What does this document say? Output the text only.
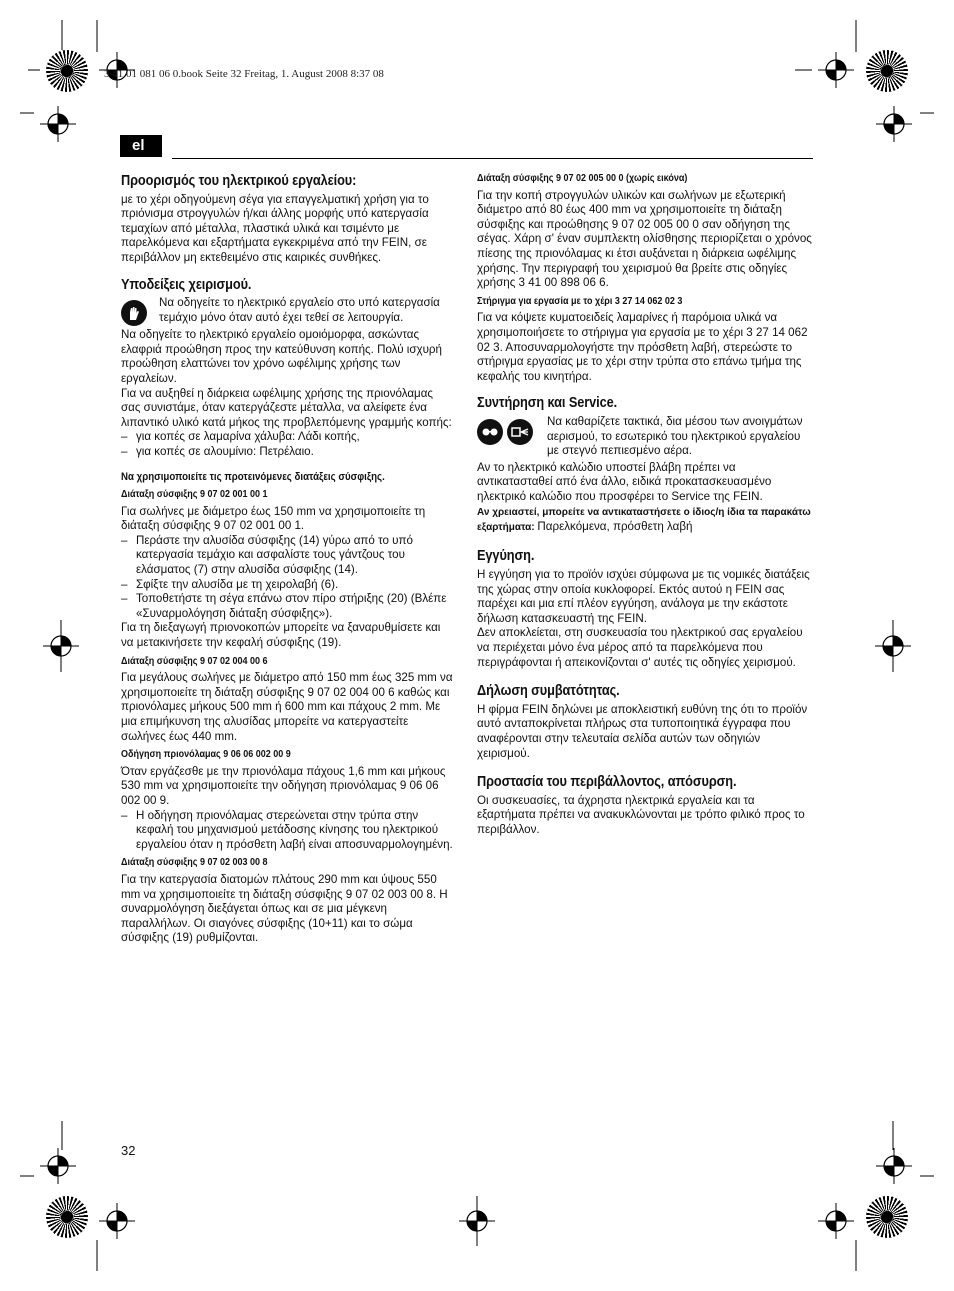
3 41 01 081 06 0.book Seite 32 Freitag, 1. August 2008 8:37 08
el
Προορισμός του ηλεκτρικού εργαλείου:

με το χέρι οδηγούμενη σέγα για επαγγελματική χρήση για το πριόνισμα στρογγυλών ή/και άλλης μορφής υπό κατεργασία τεμαχίων από μέταλλα, πλαστικά υλικά και τσιμέντο με παρελκόμενα και εξαρτήματα εγκεκριμένα από την FEIN, σε περιβάλλον μη εκτεθειμένο στις καιρικές συνθήκες.

Υποδείξεις χειρισμού.

Να οδηγείτε το ηλεκτρικό εργαλείο στο υπό κατεργασία τεμάχιο μόνο όταν αυτό έχει τεθεί σε λειτουργία.

Να οδηγείτε το ηλεκτρικό εργαλείο ομοιόμορφα, ασκώντας ελαφριά προώθηση προς την κατεύθυνση κοπής. Πολύ ισχυρή προώθηση ελαττώνει τον χρόνο ωφέλιμης χρήσης των εργαλείων.

Για να αυξηθεί η διάρκεια ωφέλιμης χρήσης της πριονόλαμας σας συνιστάμε, όταν κατεργάζεστε μέταλλα, να αλείφετε ένα λιπαντικό υλικό κατά μήκος της προβλεπόμενης γραμμής κοπής:

– για κοπές σε λαμαρίνα χάλυβα: Λάδι κοπής,
– για κοπές σε αλουμίνιο: Πετρέλαιο.
Να χρησιμοποιείτε τις προτεινόμενες διατάξεις σύσφιξης.
Διάταξη σύσφιξης 9 07 02 001 00 1

Για σωλήνες με διάμετρο έως 150 mm να χρησιμοποιείτε τη διάταξη σύσφιξης 9 07 02 001 00 1.

– Περάστε την αλυσίδα σύσφιξης (14) γύρω από το υπό κατεργασία τεμάχιο και ασφαλίστε τους γάντζους του ελάσματος (7) στην αλυσίδα σύσφιξης (14).
– Σφίξτε την αλυσίδα με τη χειρολαβή (6).
– Τοποθετήστε τη σέγα επάνω στον πίρο στήριξης (20) (Βλέπε «Συναρμολόγηση διάταξη σύσφιξης»).

Για τη διεξαγωγή πριονοκοπών μπορείτε να ξαναρυθμίσετε και να μετακινήσετε την κεφαλή σύσφιξης (19).

Διάταξη σύσφιξης 9 07 02 004 00 6

Για μεγάλους σωλήνες με διάμετρο από 150 mm έως 325 mm να χρησιμοποιείτε τη διάταξη σύσφιξης 9 07 02 004 00 6 καθώς και πριονόλαμες μήκους 500 mm ή 600 mm και πάχους 2 mm. Με μια επιμήκυνση της αλυσίδας μπορείτε να κατεργαστείτε σωλήνες έως 440 mm.

Οδήγηση πριονόλαμας 9 06 06 002 00 9

Όταν εργάζεσθε με την πριονόλαμα πάχους 1,6 mm και μήκους 530 mm να χρησιμοποιείτε την οδήγηση πριονόλαμας 9 06 06 002 00 9.

– Η οδήγηση πριονόλαμας στερεώνεται στην τρύπα στην κεφαλή του μηχανισμού μετάδοσης κίνησης του ηλεκτρικού εργαλείου όταν η πρόσθετη λαβή είναι αποσυναρμολογημένη.
Διάταξη σύσφιξης 9 07 02 003 00 8

Για την κατεργασία διατομών πλάτους 290 mm και ύψους 550 mm να χρησιμοποιείτε τη διάταξη σύσφιξης 9 07 02 003 00 8. Η συναρμολόγηση διεξάγεται όπως και σε μια μέγκενη παραλλήλων. Οι σιαγόνες σύσφιξης (10+11) και το σώμα σύσφιξης (19) ρυθμίζονται.

Διάταξη σύσφιξης 9 07 02 005 00 0 (χωρίς εικόνα)

Για την κοπή στρογγυλών υλικών και σωλήνων με εξωτερική διάμετρο από 80 έως 400 mm να χρησιμοποιείτε τη διάταξη σύσφιξης και προώθησης 9 07 02 005 00 0 σαν οδήγηση της σέγας. Χάρη σ' έναν συμπλεκτη ολίσθησης περιορίζεται ο χρόνος πίεσης της πριονόλαμας κι έτσι αυξάνεται η διάρκεια ωφέλιμης χρήσης. Την περιγραφή του χειρισμού θα βρείτε στις οδηγίες χρήσης 3 41 00 898 06 6.

Στήριγμα για εργασία με το χέρι 3 27 14 062 02 3

Για να κόψετε κυματοειδείς λαμαρίνες ή παρόμοια υλικά να χρησιμοποιήσετε το στήριγμα για εργασία με το χέρι 3 27 14 062 02 3. Αποσυναρμολογήστε την πρόσθετη λαβή, στερεώστε το στήριγμα εργασίας με το χέρι στην τρύπα στο επάνω τμήμα της κεφαλής του κινητήρα.

Συντήρηση και Service.

Να καθαρίζετε τακτικά, δια μέσου των ανοιγμάτων αερισμού, το εσωτερικό του ηλεκτρικού εργαλείου με στεγνό πεπιεσμένο αέρα.

Αν το ηλεκτρικό καλώδιο υποστεί βλάβη πρέπει να αντικατασταθεί από ένα άλλο, ειδικά προκατασκευασμένο ηλεκτρικό καλώδιο που προσφέρει το Service της FEIN.

Αν χρειαστεί, μπορείτε να αντικαταστήσετε ο ίδιος/η ίδια τα παρακάτω εξαρτήματα: Παρελκόμενα, πρόσθετη λαβή

Εγγύηση.

Η εγγύηση για το προϊόν ισχύει σύμφωνα με τις νομικές διατάξεις της χώρας στην οποία κυκλοφορεί. Εκτός αυτού η FEIN σας παρέχει και μια επί πλέον εγγύηση, ανάλογα με την εκάστοτε δήλωση κατασκευαστή της FEIN.

Δεν αποκλείεται, στη συσκευασία του ηλεκτρικού σας εργαλείου να περιέχεται μόνο ένα μέρος από τα παρελκόμενα που περιγράφονται ή απεικονίζονται σ' αυτές τις οδηγίες χειρισμού.

Δήλωση συμβατότητας.

Η φίρμα FEIN δηλώνει με αποκλειστική ευθύνη της ότι το προϊόν αυτό ανταποκρίνεται πλήρως στα τυποποιητικά έγγραφα που αναφέρονται στην τελευταία σελίδα αυτών των οδηγιών χειρισμού.

Προστασία του περιβάλλοντος, απόσυρση.

Οι συσκευασίες, τα άχρηστα ηλεκτρικά εργαλεία και τα εξαρτήματα πρέπει να ανακυκλώνονται με τρόπο φιλικό προς το περιβάλλον.

32
